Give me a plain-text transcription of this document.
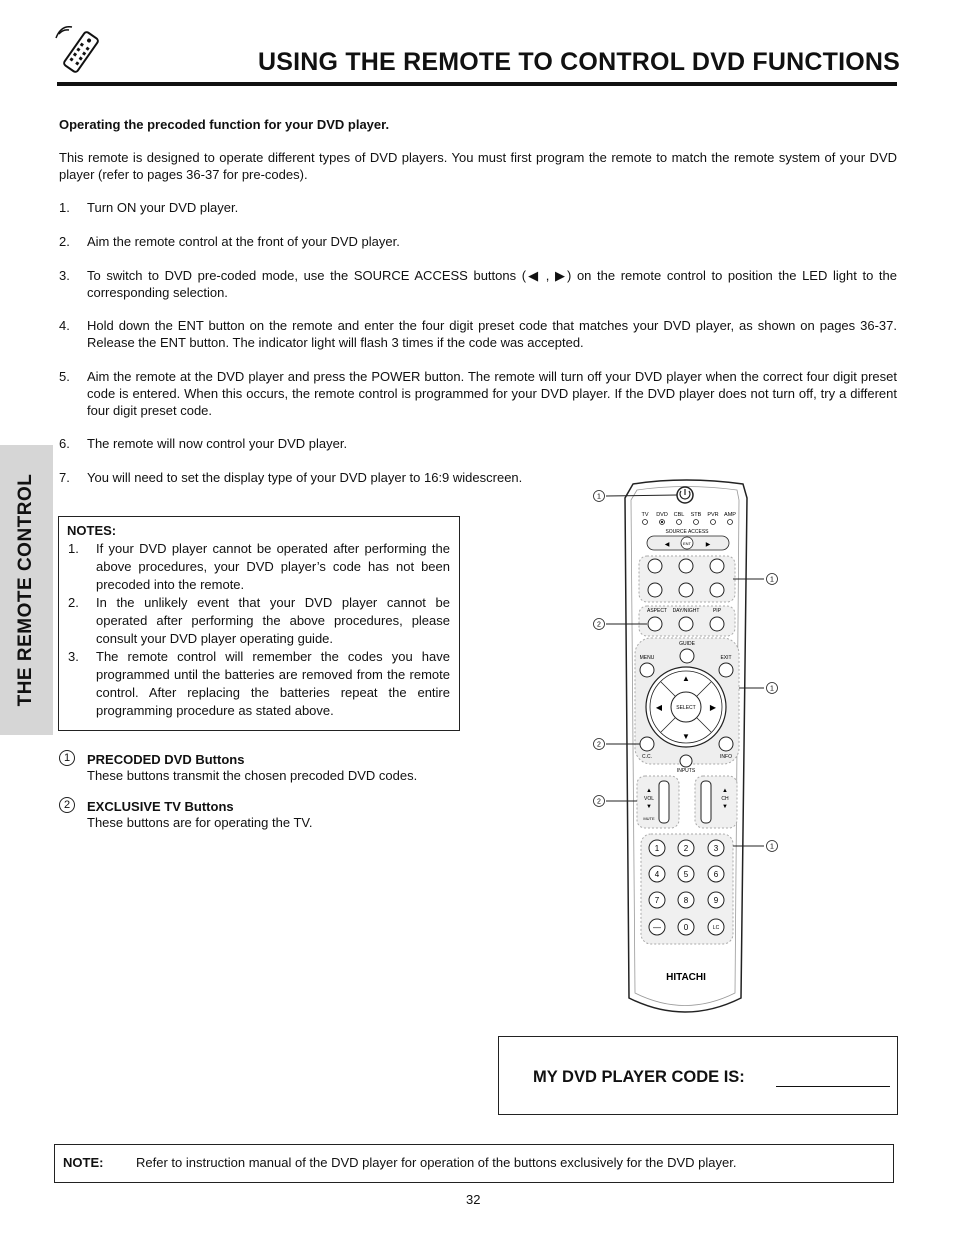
USING THE REMOTE TO CONTROL DVD FUNCTIONS
THE REMOTE CONTROL
Operating the precoded function for your DVD player.
This remote is designed to operate different types of DVD players. You must first program the remote to match the remote system of your DVD player (refer to pages 36-37 for pre-codes).
1. Turn ON your DVD player.
2. Aim the remote control at the front of your DVD player.
3. To switch to DVD pre-coded mode, use the SOURCE ACCESS buttons (◀ , ▶) on the remote control to position the LED light to the corresponding selection.
4. Hold down the ENT button on the remote and enter the four digit preset code that matches your DVD player, as shown on pages 36-37. Release the ENT button. The indicator light will flash 3 times if the code was accepted.
5. Aim the remote at the DVD player and press the POWER button. The remote will turn off your DVD player when the correct four digit preset code is entered. When this occurs, the remote control is programmed for your DVD player. If the DVD player does not turn off, try a different four digit preset code.
6. The remote will now control your DVD player.
7. You will need to set the display type of your DVD player to 16:9 widescreen.
NOTES:
1. If your DVD player cannot be operated after performing the above procedures, your DVD player’s code has not been precoded into the remote.
2. In the unlikely event that your DVD player cannot be operated after performing the above procedures, please consult your DVD player operating guide.
3. The remote control will remember the codes you have programmed until the batteries are removed from the remote control. After replacing the batteries repeat the entire programming procedure as stated above.
1	PRECODED DVD Buttons
These buttons transmit the chosen precoded DVD codes.
2	EXCLUSIVE TV Buttons
These buttons are for operating the TV.
TV DVD CBL STB PVR AMP
SOURCE ACCESS
◀	ENT ▶
ASPECT DAY/NIGHT	PIP
GUIDE
MENU	EXIT
SELECT
▲
▼
◀	▶
C.C.
INPUTS
INFO
▲
VOL
▼
MUTE
▲
CH
▼
1	2	3
4	5	6
7	8	9
—	0	LC
HITACHI
1
1
2
1
2
2
1
MY DVD PLAYER CODE IS:
NOTE:	Refer to instruction manual of the DVD player for operation of the buttons exclusively for the DVD player.
32
